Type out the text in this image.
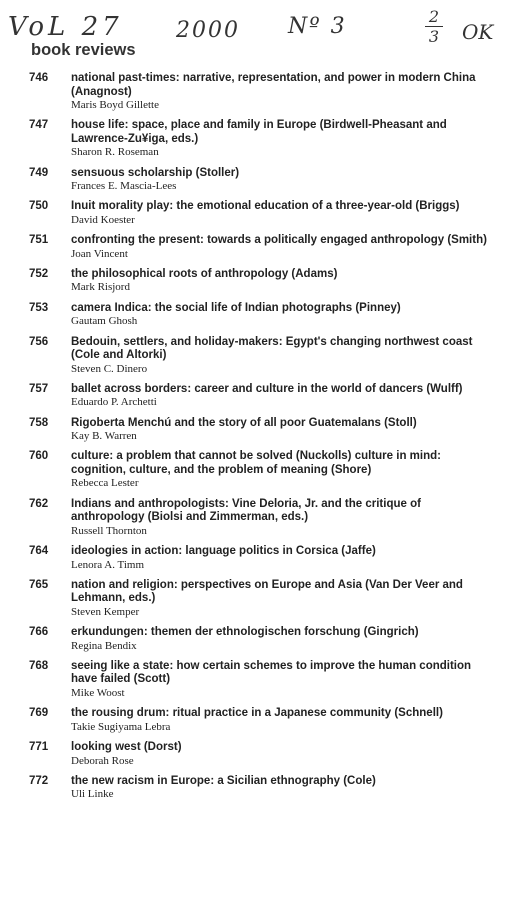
VoL 27 2000 Nº 3	2
3 OK
book reviews
746	national past-times: narrative, representation, and power in modern China (Anagnost)
Maris Boyd Gillette
747	house life: space, place and family in Europe (Birdwell-Pheasant and Lawrence-Zu¥iga, eds.)
Sharon R. Roseman
749	sensuous scholarship (Stoller)
Frances E. Mascia-Lees
750	Inuit morality play: the emotional education of a three-year-old (Briggs)
David Koester
751	confronting the present: towards a politically engaged anthropology (Smith)
Joan Vincent
752	the philosophical roots of anthropology (Adams)
Mark Risjord
753	camera Indica: the social life of Indian photographs (Pinney)
Gautam Ghosh
756	Bedouin, settlers, and holiday-makers: Egypt's changing northwest coast (Cole and Altorki)
Steven C. Dinero
757	ballet across borders: career and culture in the world of dancers (Wulff)
Eduardo P. Archetti
758	Rigoberta Menchú and the story of all poor Guatemalans (Stoll)
Kay B. Warren
760	culture: a problem that cannot be solved (Nuckolls) culture in mind: cognition, culture, and the problem of meaning (Shore)
Rebecca Lester
762	Indians and anthropologists: Vine Deloria, Jr. and the critique of anthropology (Biolsi and Zimmerman, eds.)
Russell Thornton
764	ideologies in action: language politics in Corsica (Jaffe)
Lenora A. Timm
765	nation and religion: perspectives on Europe and Asia (Van Der Veer and Lehmann, eds.)
Steven Kemper
766	erkundungen: themen der ethnologischen forschung (Gingrich)
Regina Bendix
768	seeing like a state: how certain schemes to improve the human condition have failed (Scott)
Mike Woost
769	the rousing drum: ritual practice in a Japanese community (Schnell)
Takie Sugiyama Lebra
771	looking west (Dorst)
Deborah Rose
772	the new racism in Europe: a Sicilian ethnography (Cole)
Uli Linke
